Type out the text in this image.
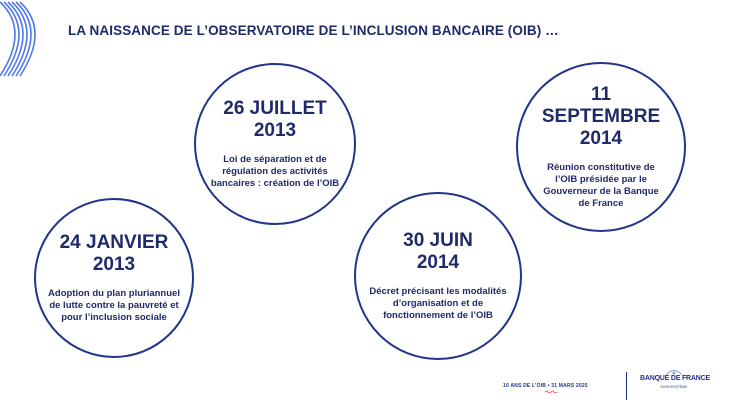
LA NAISSANCE DE L’OBSERVATOIRE DE L’INCLUSION BANCAIRE (OIB) …
24 JANVIER
2013
Adoption du plan pluriannuel
de lutte contre la pauvreté et
pour l’inclusion sociale
26 JUILLET
2013
Loi de séparation et de
régulation des activités
bancaires : création de l’OIB
30 JUIN
2014
Décret précisant les modalités
d’organisation et de
fonctionnement de l’OIB
11
SEPTEMBRE
2014
Réunion constitutive de
l’OIB présidée par le
Gouverneur de la Banque
de France
10 ANS DE L’OIB • 31 MARS 2025
BANQUE DE FRANCE
EUROSYSTÈME
